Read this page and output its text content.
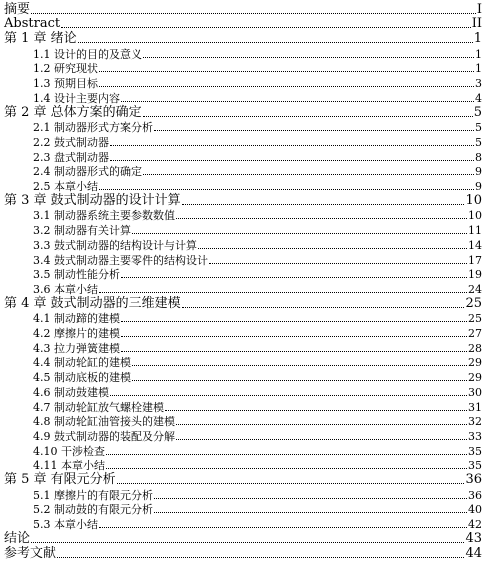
摘要	I
Abstract	II
第 1 章 绪论	1
1.1 设计的目的及意义	1
1.2 研究现状	1
1.3 预期目标	3
1.4 设计主要内容	4
第 2 章 总体方案的确定	5
2.1 制动器形式方案分析	5
2.2 鼓式制动器	5
2.3 盘式制动器	8
2.4 制动器形式的确定	9
2.5 本章小结	9
第 3 章 鼓式制动器的设计计算	10
3.1 制动器系统主要参数数值	10
3.2 制动器有关计算	11
3.3 鼓式制动器的结构设计与计算	14
3.4 鼓式制动器主要零件的结构设计	17
3.5 制动性能分析	19
3.6 本章小结	24
第 4 章 鼓式制动器的三维建模	25
4.1 制动蹄的建模	25
4.2 摩擦片的建模	27
4.3 拉力弹簧建模	28
4.4 制动轮缸的建模	29
4.5 制动底板的建模	29
4.6 制动鼓建模	30
4.7 制动轮缸放气螺栓建模	31
4.8 制动轮缸油管接头的建模	32
4.9 鼓式制动器的装配及分解	33
4.10 干涉检查	35
4.11 本章小结	35
第 5 章 有限元分析	36
5.1 摩擦片的有限元分析	36
5.2 制动鼓的有限元分析	40
5.3 本章小结	42
结论	43
参考文献	44
